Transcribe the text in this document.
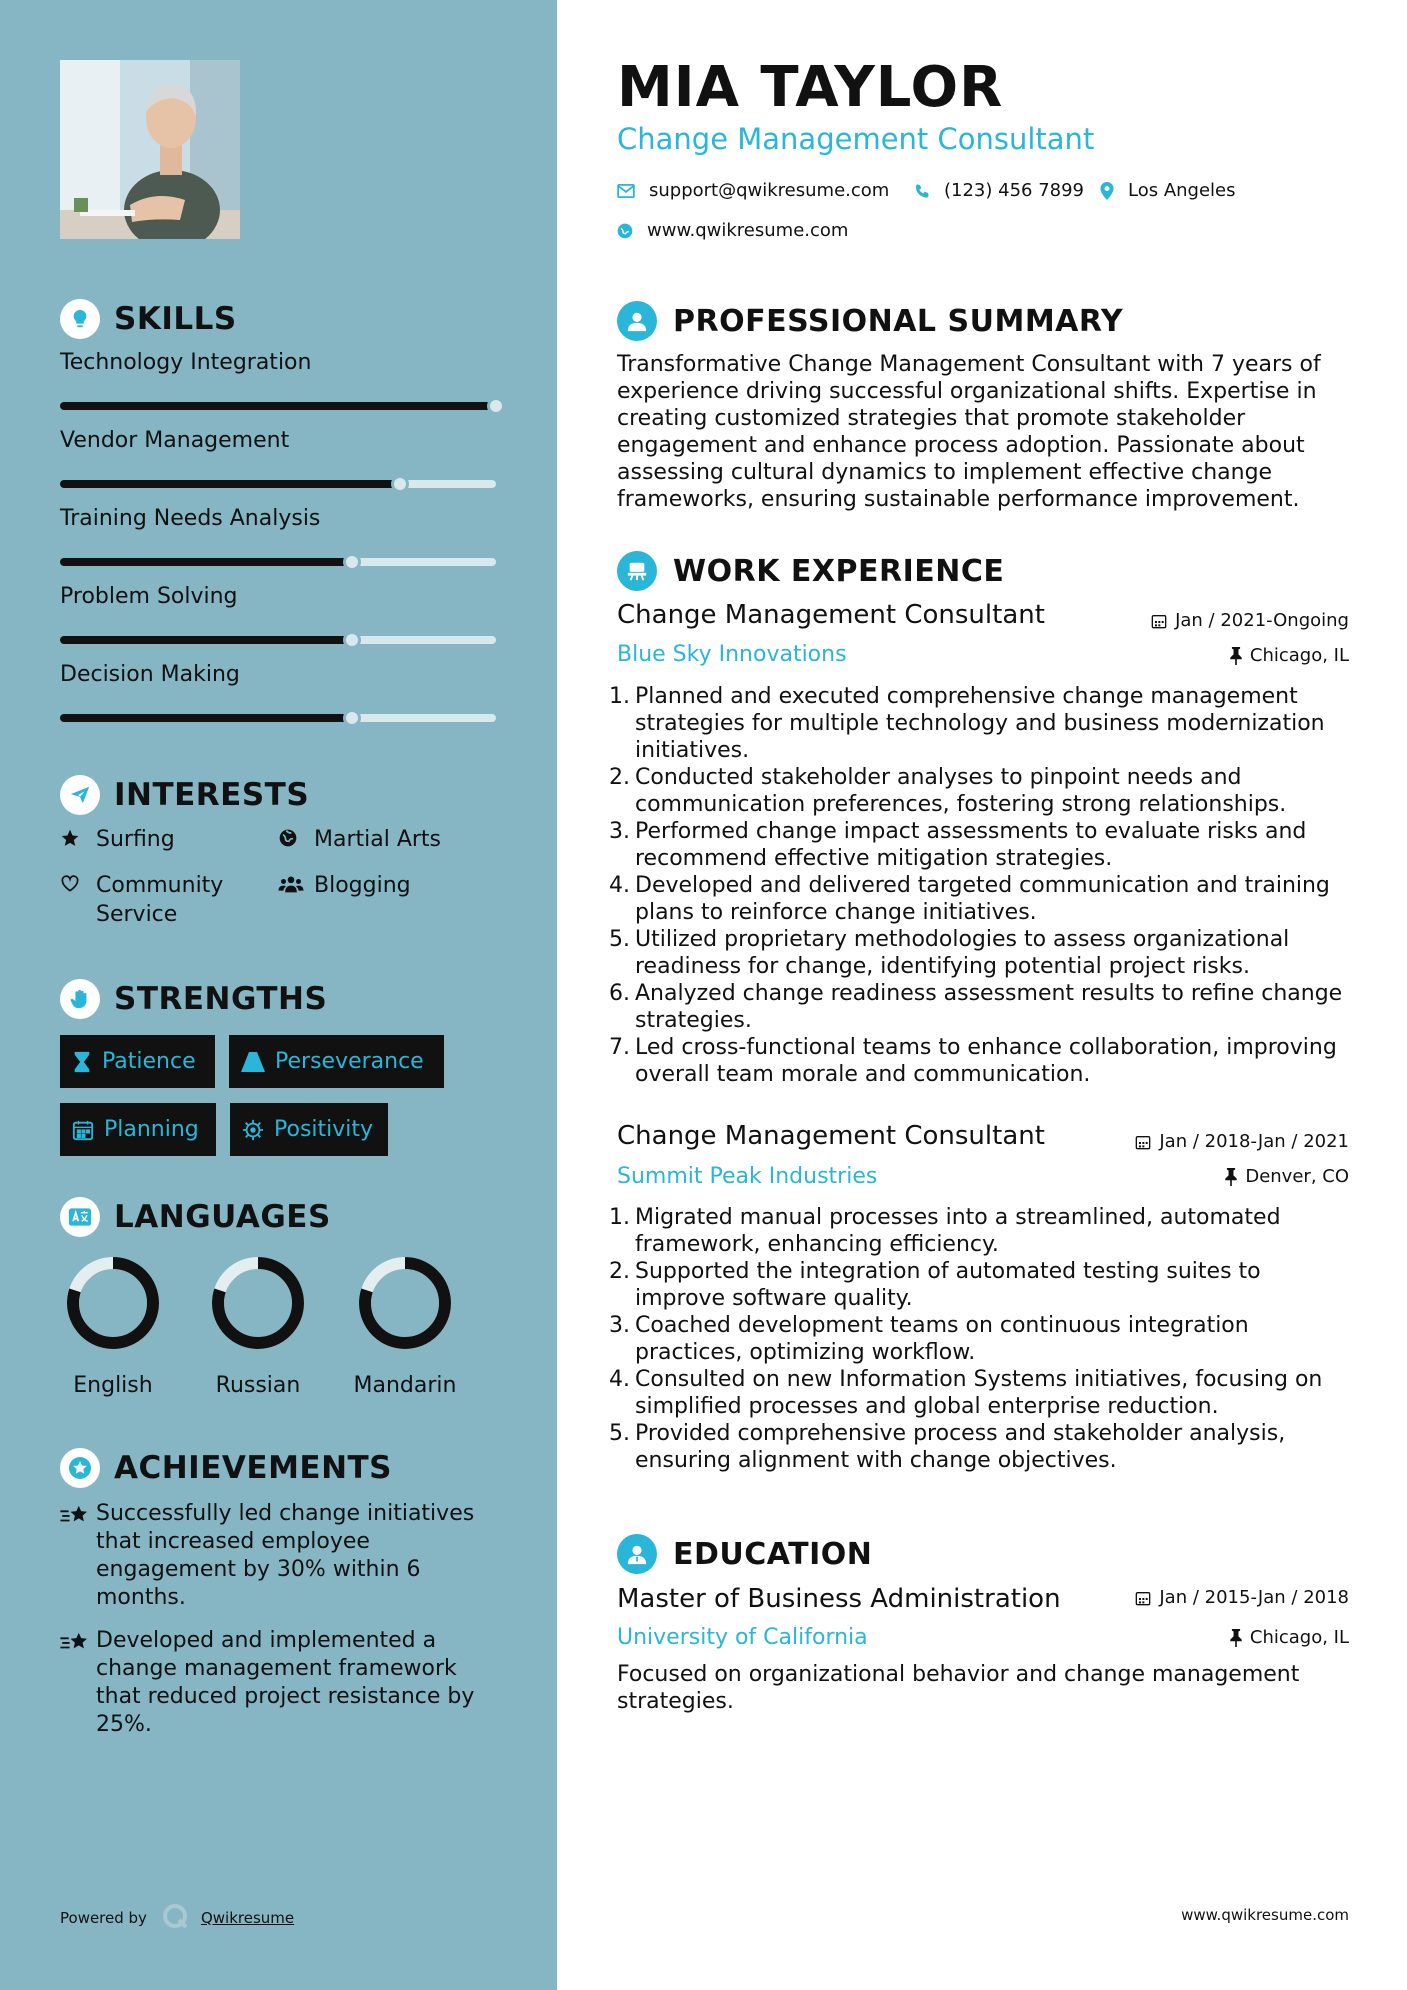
SKILLS
Technology Integration
Vendor Management
Training Needs Analysis
Problem Solving
Decision Making
INTERESTS
Surfing	Martial Arts
Community Service
Blogging
STRENGTHS
Patience	Perseverance
Planning	Positivity
LANGUAGES
English	Russian	Mandarin
ACHIEVEMENTS
Successfully led change initiatives that increased employee engagement by 30% within 6 months.
Developed and implemented a change management framework that reduced project resistance by 25%.
Powered by	Qwikresume
MIA TAYLOR
Change Management Consultant
support@qwikresume.com	(123) 456 7899 Los Angeles
www.qwikresume.com
PROFESSIONAL SUMMARY
Transformative Change Management Consultant with 7 years of experience driving successful organizational shifts. Expertise in creating customized strategies that promote stakeholder engagement and enhance process adoption. Passionate about assessing cultural dynamics to implement effective change frameworks, ensuring sustainable performance improvement.
WORK EXPERIENCE
Change Management Consultant	Jan / 2021-Ongoing
Blue Sky Innovations	Chicago, IL
1. Planned and executed comprehensive change management strategies for multiple technology and business modernization initiatives.
2. Conducted stakeholder analyses to pinpoint needs and communication preferences, fostering strong relationships.
3. Performed change impact assessments to evaluate risks and recommend effective mitigation strategies.
4. Developed and delivered targeted communication and training plans to reinforce change initiatives.
5. Utilized proprietary methodologies to assess organizational readiness for change, identifying potential project risks.
6. Analyzed change readiness assessment results to refine change strategies.
7. Led cross-functional teams to enhance collaboration, improving overall team morale and communication.
Change Management Consultant	Jan / 2018-Jan / 2021
Summit Peak Industries	Denver, CO
1. Migrated manual processes into a streamlined, automated framework, enhancing efficiency.
2. Supported the integration of automated testing suites to improve software quality.
3. Coached development teams on continuous integration practices, optimizing workflow.
4. Consulted on new Information Systems initiatives, focusing on simplified processes and global enterprise reduction.
5. Provided comprehensive process and stakeholder analysis, ensuring alignment with change objectives.
EDUCATION
Master of Business Administration	Jan / 2015-Jan / 2018
University of California	Chicago, IL
Focused on organizational behavior and change management strategies.
www.qwikresume.com
